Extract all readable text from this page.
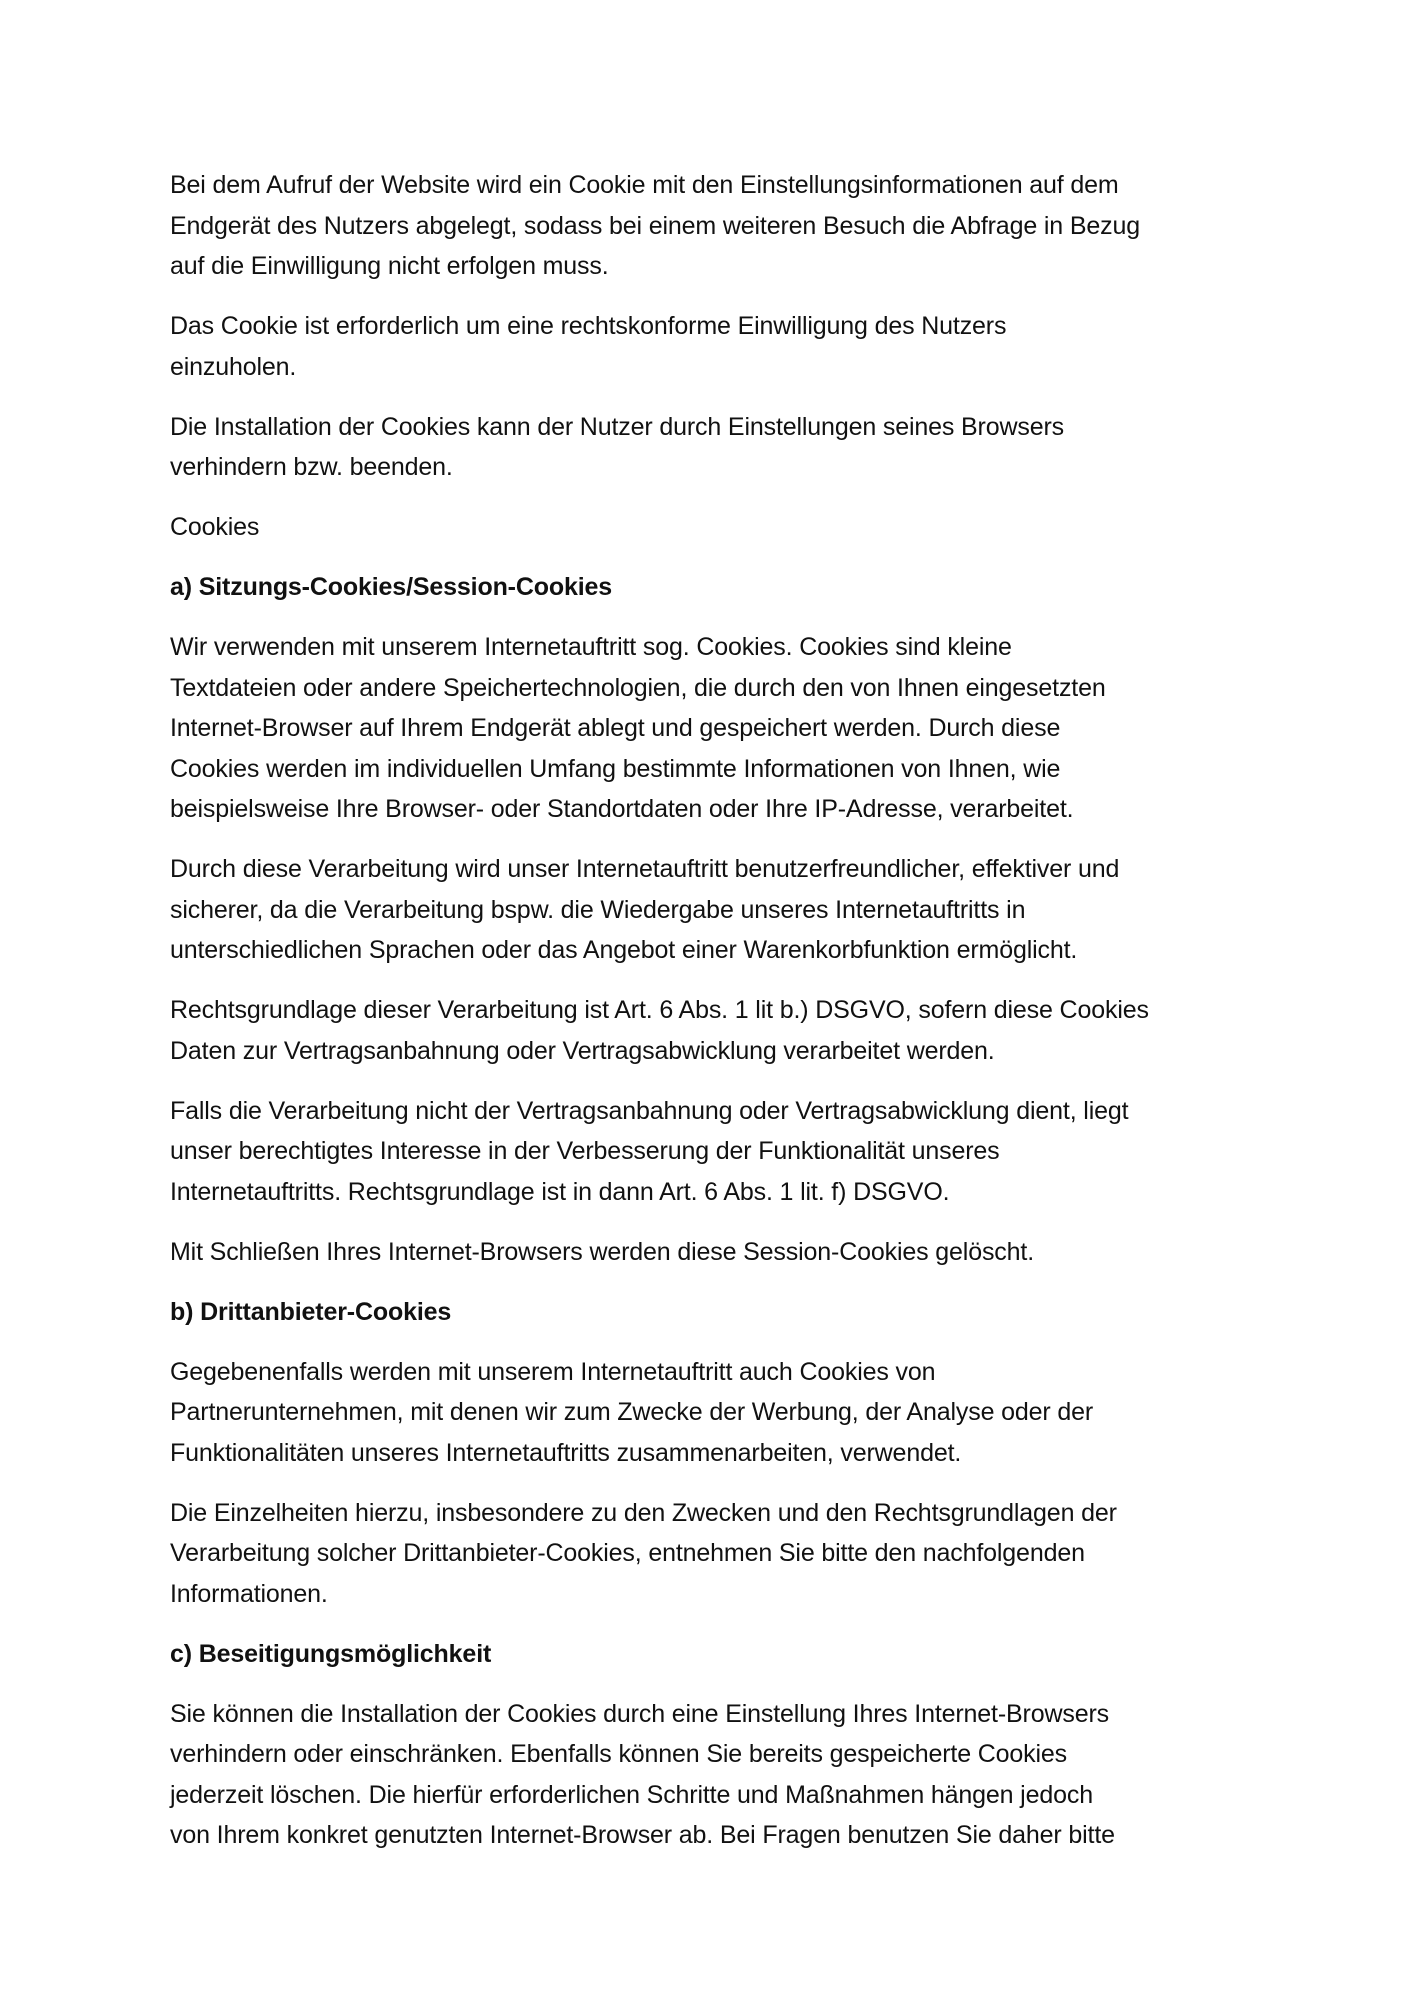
Bei dem Aufruf der Website wird ein Cookie mit den Einstellungsinformationen auf dem
Endgerät des Nutzers abgelegt, sodass bei einem weiteren Besuch die Abfrage in Bezug
auf die Einwilligung nicht erfolgen muss.

Das Cookie ist erforderlich um eine rechtskonforme Einwilligung des Nutzers
einzuholen.

Die Installation der Cookies kann der Nutzer durch Einstellungen seines Browsers
verhindern bzw. beenden.

Cookies

a) Sitzungs-Cookies/Session-Cookies

Wir verwenden mit unserem Internetauftritt sog. Cookies. Cookies sind kleine
Textdateien oder andere Speichertechnologien, die durch den von Ihnen eingesetzten
Internet-Browser auf Ihrem Endgerät ablegt und gespeichert werden. Durch diese
Cookies werden im individuellen Umfang bestimmte Informationen von Ihnen, wie
beispielsweise Ihre Browser- oder Standortdaten oder Ihre IP-Adresse, verarbeitet.

Durch diese Verarbeitung wird unser Internetauftritt benutzerfreundlicher, effektiver und
sicherer, da die Verarbeitung bspw. die Wiedergabe unseres Internetauftritts in
unterschiedlichen Sprachen oder das Angebot einer Warenkorbfunktion ermöglicht.

Rechtsgrundlage dieser Verarbeitung ist Art. 6 Abs. 1 lit b.) DSGVO, sofern diese Cookies
Daten zur Vertragsanbahnung oder Vertragsabwicklung verarbeitet werden.

Falls die Verarbeitung nicht der Vertragsanbahnung oder Vertragsabwicklung dient, liegt
unser berechtigtes Interesse in der Verbesserung der Funktionalität unseres
Internetauftritts. Rechtsgrundlage ist in dann Art. 6 Abs. 1 lit. f) DSGVO.

Mit Schließen Ihres Internet-Browsers werden diese Session-Cookies gelöscht.

b) Drittanbieter-Cookies

Gegebenenfalls werden mit unserem Internetauftritt auch Cookies von
Partnerunternehmen, mit denen wir zum Zwecke der Werbung, der Analyse oder der
Funktionalitäten unseres Internetauftritts zusammenarbeiten, verwendet.

Die Einzelheiten hierzu, insbesondere zu den Zwecken und den Rechtsgrundlagen der
Verarbeitung solcher Drittanbieter-Cookies, entnehmen Sie bitte den nachfolgenden
Informationen.

c) Beseitigungsmöglichkeit

Sie können die Installation der Cookies durch eine Einstellung Ihres Internet-Browsers
verhindern oder einschränken. Ebenfalls können Sie bereits gespeicherte Cookies
jederzeit löschen. Die hierfür erforderlichen Schritte und Maßnahmen hängen jedoch
von Ihrem konkret genutzten Internet-Browser ab. Bei Fragen benutzen Sie daher bitte
